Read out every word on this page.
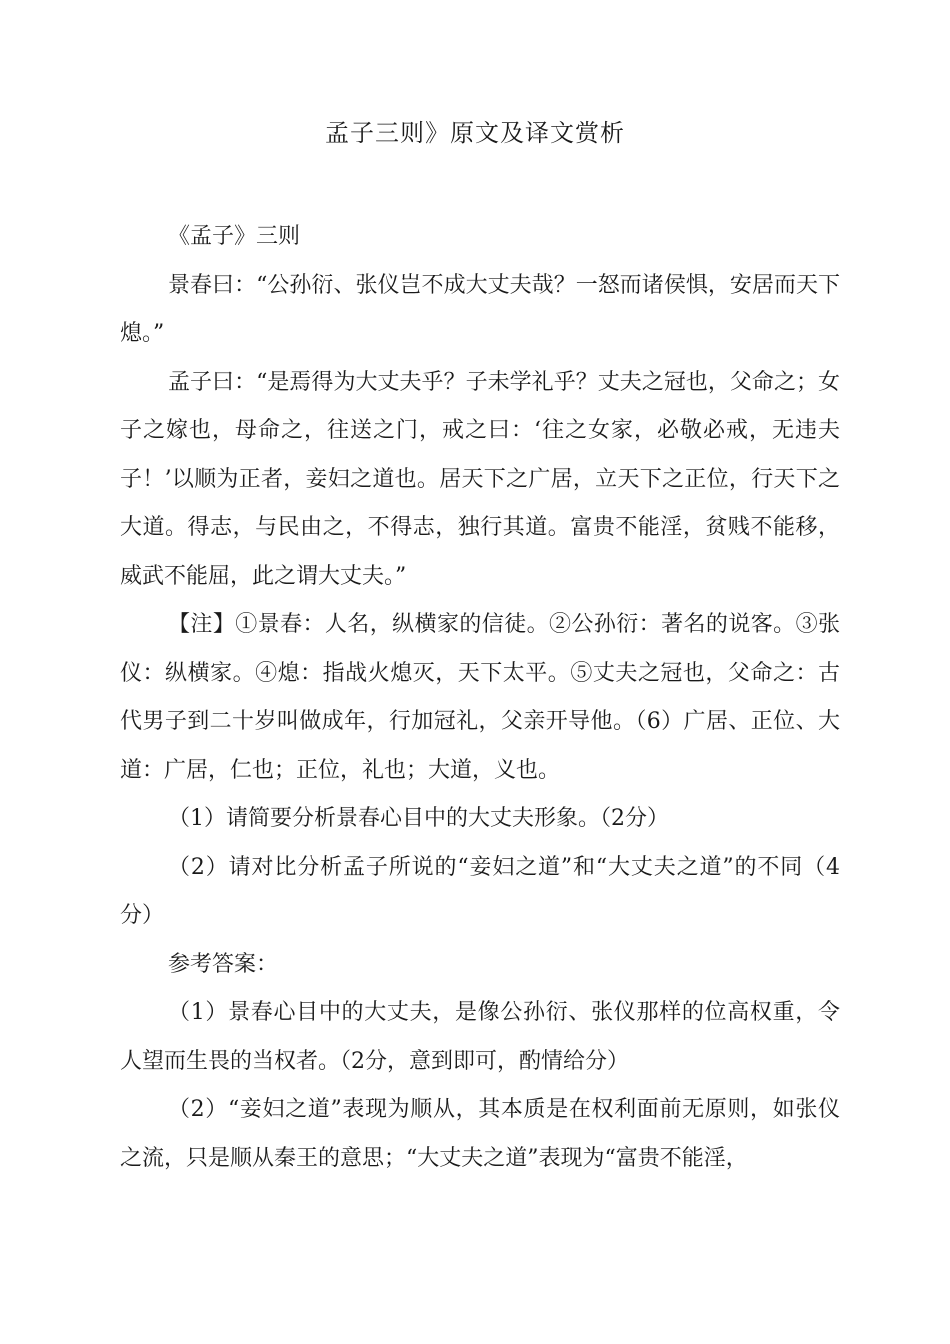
孟子三则》原文及译文赏析

《孟子》三则

景春曰：“公孙衍、张仪岂不成大丈夫哉？一怒而诸侯惧，安居而天下熄。”

孟子曰：“是焉得为大丈夫乎？子未学礼乎？丈夫之冠也，父命之；女子之嫁也，母命之，往送之门，戒之曰：‘往之女家，必敬必戒，无违夫子！’以顺为正者，妾妇之道也。居天下之广居，立天下之正位，行天下之大道。得志，与民由之，不得志，独行其道。富贵不能淫，贫贱不能移，威武不能屈，此之谓大丈夫。”

【注】①景春：人名，纵横家的信徒。②公孙衍：著名的说客。③张仪：纵横家。④熄：指战火熄灭，天下太平。⑤丈夫之冠也，父命之：古代男子到二十岁叫做成年，行加冠礼，父亲开导他。（6）广居、正位、大道：广居，仁也；正位，礼也；大道，义也。

（1）请简要分析景春心目中的大丈夫形象。（2分）

（2）请对比分析孟子所说的“妾妇之道”和“大丈夫之道”的不同（4分）

参考答案：

（1）景春心目中的大丈夫，是像公孙衍、张仪那样的位高权重，令人望而生畏的当权者。（2分，意到即可，酌情给分）

（2）“妾妇之道”表现为顺从，其本质是在权利面前无原则，如张仪之流，只是顺从秦王的意思；“大丈夫之道”表现为“富贵不能淫，
